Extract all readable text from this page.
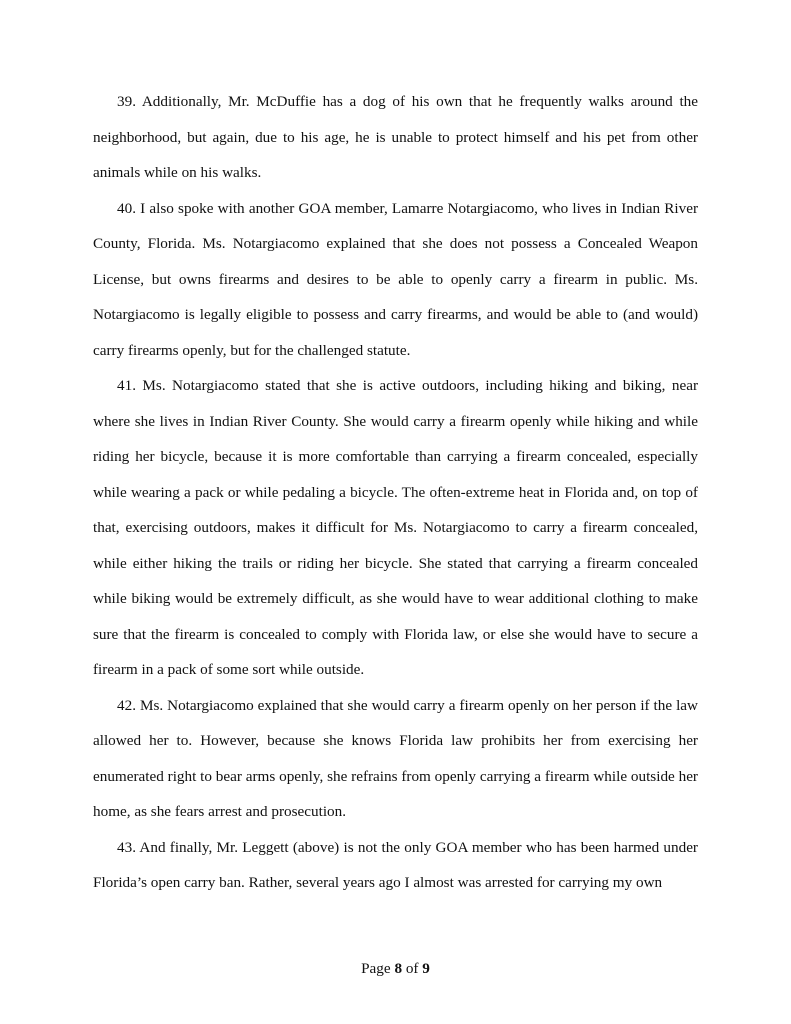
39. Additionally, Mr. McDuffie has a dog of his own that he frequently walks around the neighborhood, but again, due to his age, he is unable to protect himself and his pet from other animals while on his walks.

40. I also spoke with another GOA member, Lamarre Notargiacomo, who lives in Indian River County, Florida. Ms. Notargiacomo explained that she does not possess a Concealed Weapon License, but owns firearms and desires to be able to openly carry a firearm in public. Ms. Notargiacomo is legally eligible to possess and carry firearms, and would be able to (and would) carry firearms openly, but for the challenged statute.

41. Ms. Notargiacomo stated that she is active outdoors, including hiking and biking, near where she lives in Indian River County. She would carry a firearm openly while hiking and while riding her bicycle, because it is more comfortable than carrying a firearm concealed, especially while wearing a pack or while pedaling a bicycle. The often-extreme heat in Florida and, on top of that, exercising outdoors, makes it difficult for Ms. Notargiacomo to carry a firearm concealed, while either hiking the trails or riding her bicycle. She stated that carrying a firearm concealed while biking would be extremely difficult, as she would have to wear additional clothing to make sure that the firearm is concealed to comply with Florida law, or else she would have to secure a firearm in a pack of some sort while outside.

42. Ms. Notargiacomo explained that she would carry a firearm openly on her person if the law allowed her to. However, because she knows Florida law prohibits her from exercising her enumerated right to bear arms openly, she refrains from openly carrying a firearm while outside her home, as she fears arrest and prosecution.

43. And finally, Mr. Leggett (above) is not the only GOA member who has been harmed under Florida’s open carry ban. Rather, several years ago I almost was arrested for carrying my own

Page 8 of 9
